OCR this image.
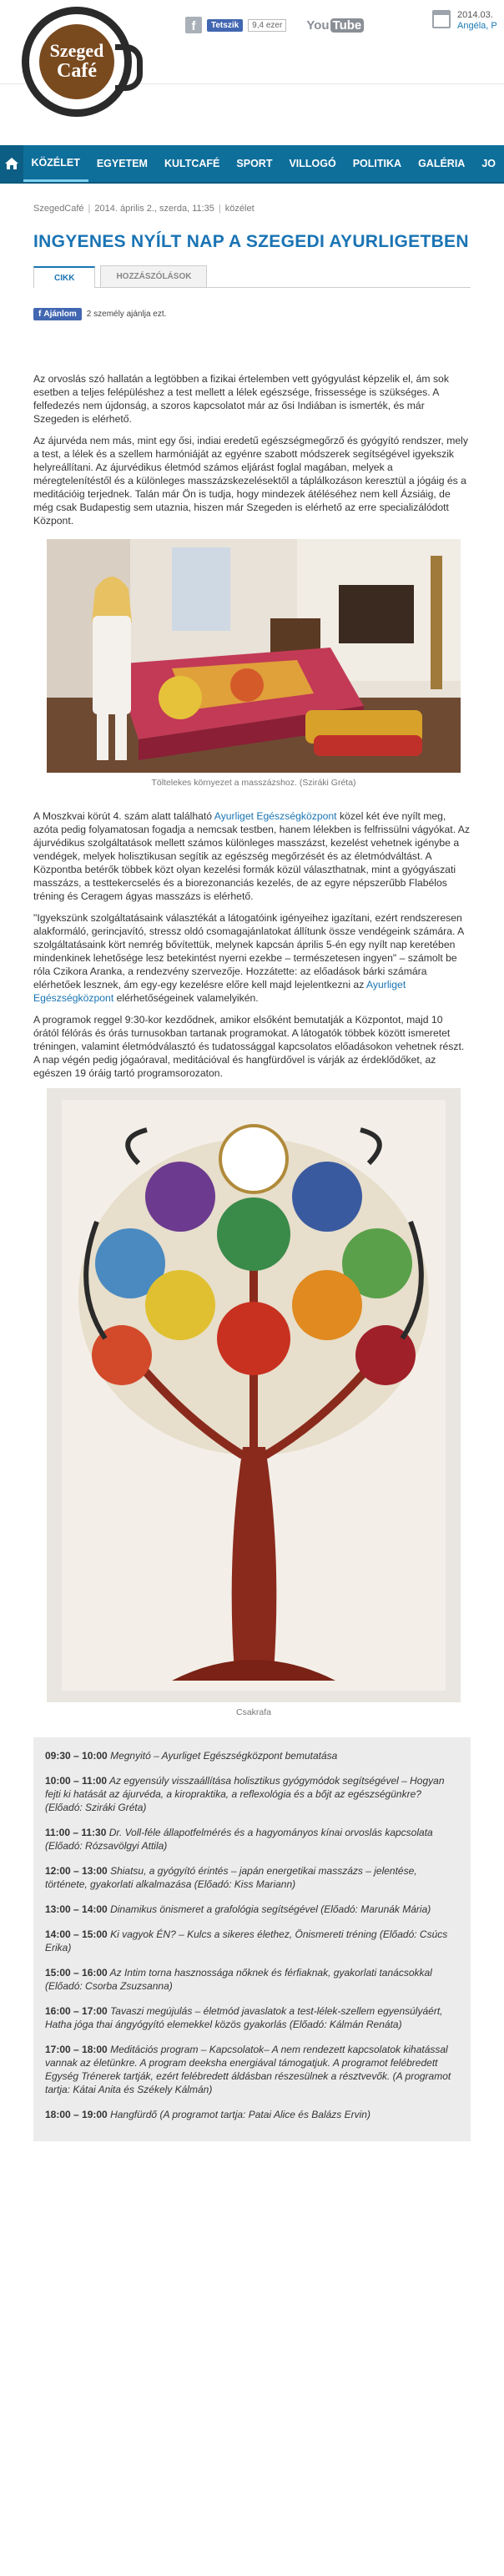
f	Tetszik	9,4 ezer	You Tube
2014.03.
Angéla, P
Szeged
Café
KÖZÉLET	EGYETEM	KULTCAFÉ	SPORT	VILLOGÓ	POLITIKA	GALÉRIA	JO
SzegedCafé | 2014. április 2., szerda, 11:35 | közélet
INGYENES NYÍLT NAP A SZEGEDI AYURLIGETBEN
CIKK	HOZZÁSZÓLÁSOK
f Ajánlom 2 személy ajánlja ezt.

Az orvoslás szó hallatán a legtöbben a fizikai értelemben vett gyógyulást képzelik el, ám sok esetben a teljes felépüléshez a test mellett a lélek egészsége, frissessége is szükséges. A felfedezés nem újdonság, a szoros kapcsolatot már az ősi Indiában is ismerték, és már Szegeden is elérhető.

Az ájurvéda nem más, mint egy ősi, indiai eredetű egészségmegőrző és gyógyító rendszer, mely a test, a lélek és a szellem harmóniáját az egyénre szabott módszerek segítségével igyekszik helyreállítani. Az ájurvédikus életmód számos eljárást foglal magában, melyek a méregtelenítéstől és a különleges masszázskezelésektől a táplálkozáson keresztül a jógáig és a meditációig terjednek. Talán már Ön is tudja, hogy mindezek átéléséhez nem kell Ázsiáig, de még csak Budapestig sem utaznia, hiszen már Szegeden is elérhető az erre specializálódott Központ.

Töltelekes környezet a masszázshoz. (Sziráki Gréta)

A Moszkvai körút 4. szám alatt található Ayurliget Egészségközpont közel két éve nyílt meg, azóta pedig folyamatosan fogadja a nemcsak testben, hanem lélekben is felfrissülni vágyókat. Az ájurvédikus szolgáltatások mellett számos különleges masszázst, kezelést vehetnek igénybe a vendégek, melyek holisztikusan segítik az egészség megőrzését és az életmódváltást. A Központba betérők többek közt olyan kezelési formák közül választhatnak, mint a gyógyászati masszázs, a testtekercselés és a biorezonanciás kezelés, de az egyre népszerűbb Flabélos tréning és Ceragem ágyas masszázs is elérhető.

"Igyekszünk szolgáltatásaink választékát a látogatóink igényeihez igazítani, ezért rendszeresen alakformáló, gerincjavító, stressz oldó csomagajánlatokat állítunk össze vendégeink számára. A szolgáltatásaink kört nemrég bővítettük, melynek kapcsán április 5-én egy nyílt nap keretében mindenkinek lehetősége lesz betekintést nyerni ezekbe – természetesen ingyen" – számolt be róla Czikora Aranka, a rendezvény szervezője. Hozzátette: az előadások bárki számára elérhetőek lesznek, ám egy-egy kezelésre előre kell majd lejelentkezni az Ayurliget Egészségközpont elérhetőségeinek valamelyikén.

A programok reggel 9:30-kor kezdődnek, amikor elsőként bemutatják a Központot, majd 10 órától félórás és órás turnusokban tartanak programokat. A látogatók többek között ismeretet tréningen, valamint életmódválasztó és tudatossággal kapcsolatos előadásokon vehetnek részt. A nap végén pedig jógaóraval, meditációval és hangfürdővel is várják az érdeklődőket, az egészen 19 óráig tartó programsorozaton.

Csakrafa
09:30 – 10:00 Megnyitó – Ayurliget Egészségközpont bemutatása
10:00 – 11:00 Az egyensúly visszaállítása holisztikus gyógymódok segítségével – Hogyan fejti ki hatását az ájurvéda, a kiropraktika, a reflexológia és a bőjt az egészségünkre? (Előadó: Sziráki Gréta)
11:00 – 11:30 Dr. Voll-féle állapotfelmérés és a hagyományos kínai orvoslás kapcsolata (Előadó: Rózsavölgyi Attila)
12:00 – 13:00 Shiatsu, a gyógyító érintés – japán energetikai masszázs – jelentése, története, gyakorlati alkalmazása (Előadó: Kiss Mariann)
13:00 – 14:00 Dinamikus önismeret a grafológia segítségével (Előadó: Marunák Mária)
14:00 – 15:00 Ki vagyok ÉN? – Kulcs a sikeres élethez, Önismereti tréning (Előadó: Csúcs Erika)
15:00 – 16:00 Az Intim torna hasznossága nőknek és férfiaknak, gyakorlati tanácsokkal (Előadó: Csorba Zsuzsanna)
16:00 – 17:00 Tavaszi megújulás – életmód javaslatok a test-lélek-szellem egyensúlyáért, Hatha jóga thai ángyógyító elemekkel közös gyakorlás (Előadó: Kálmán Renáta)
17:00 – 18:00 Meditációs program – Kapcsolatok– A nem rendezett kapcsolatok kihatással vannak az életünkre. A program deeksha energiával támogatjuk. A programot felébredett Egység Trénerek tartják, ezért felébredett áldásban részesülnek a résztvevők. (A programot tartja: Kátai Anita és Székely Kálmán)
18:00 – 19:00 Hangfürdő (A programot tartja: Patai Alice és Balázs Ervin)
